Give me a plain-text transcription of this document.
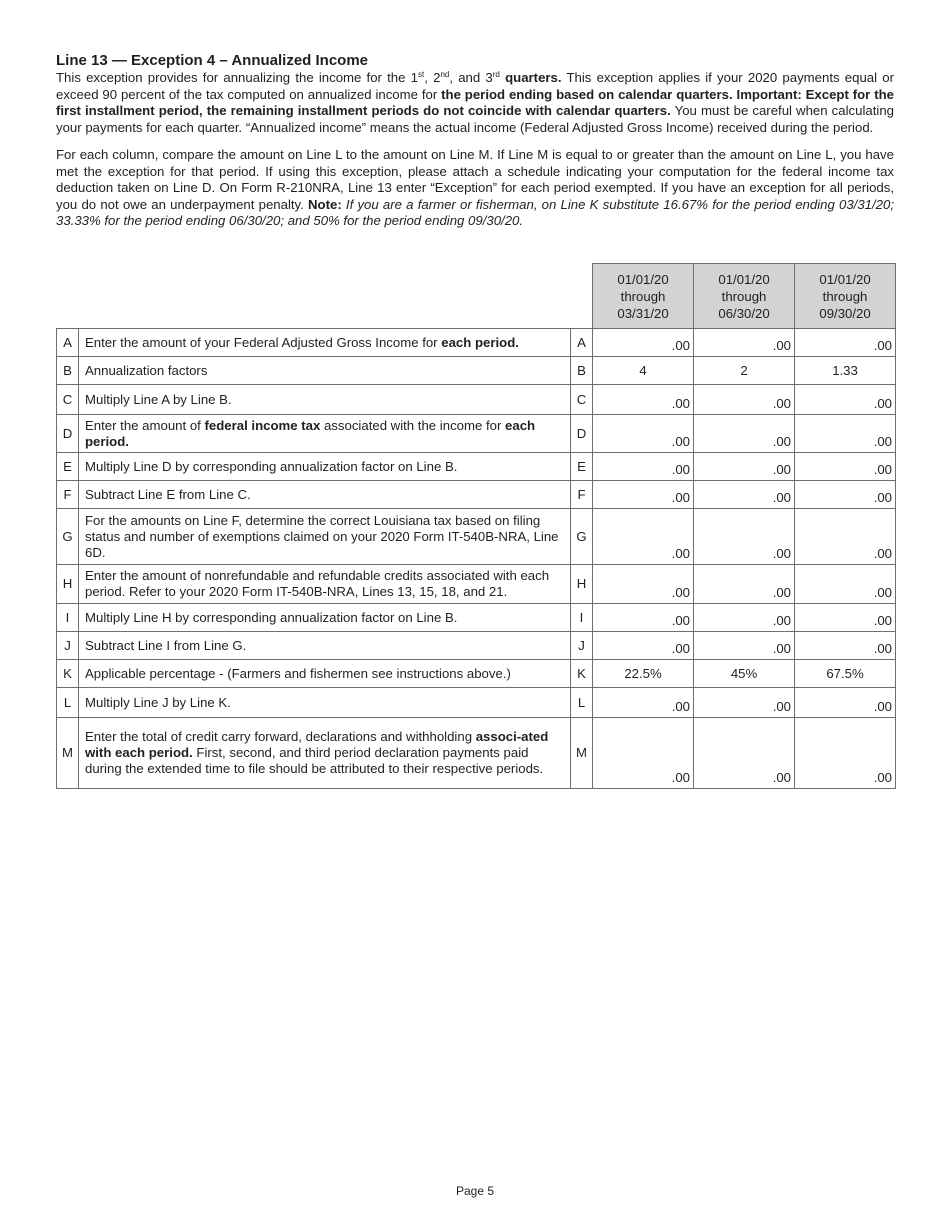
Line 13 — Exception 4 – Annualized Income

This exception provides for annualizing the income for the 1st, 2nd, and 3rd quarters. This exception applies if your 2020 payments equal or exceed 90 percent of the tax computed on annualized income for the period ending based on calendar quarters. Important: Except for the first installment period, the remaining installment periods do not coincide with calendar quarters. You must be careful when calculating your payments for each quarter. “Annualized income” means the actual income (Federal Adjusted Gross Income) received during the period.

For each column, compare the amount on Line L to the amount on Line M. If Line M is equal to or greater than the amount on Line L, you have met the exception for that period. If using this exception, please attach a schedule indicating your computation for the federal income tax deduction taken on Line D. On Form R-210NRA, Line 13 enter “Exception” for each period exempted. If you have an exception for all periods, you do not owe an underpayment penalty. Note: If you are a farmer or fisherman, on Line K substitute 16.67% for the period ending 03/31/20; 33.33% for the period ending 06/30/20; and 50% for the period ending 09/30/20.

			01/01/20
through
03/31/20	01/01/20
through
06/30/20	01/01/20
through
09/30/20
A	Enter the amount of your Federal Adjusted Gross Income for each period.	A	.00	.00	.00
B	Annualization factors	B	4	2	1.33
C	Multiply Line A by Line B.	C	.00	.00	.00
D	Enter the amount of federal income tax associated with the income for each period.	D	.00	.00	.00
E	Multiply Line D by corresponding annualization factor on Line B.	E	.00	.00	.00
F	Subtract Line E from Line C.	F	.00	.00	.00
G	For the amounts on Line F, determine the correct Louisiana tax based on filing status and number of exemptions claimed on your 2020 Form IT-540B-NRA, Line 6D.	G	.00	.00	.00
H	Enter the amount of nonrefundable and refundable credits associated with each period. Refer to your 2020 Form IT-540B-NRA, Lines 13, 15, 18, and 21.	H	.00	.00	.00
I	Multiply Line H by corresponding annualization factor on Line B.	I	.00	.00	.00
J	Subtract Line I from Line G.	J	.00	.00	.00
K	Applicable percentage - (Farmers and fishermen see instructions above.)	K	22.5%	45%	67.5%
L	Multiply Line J by Line K.	L	.00	.00	.00
M	Enter the total of credit carry forward, declarations and withholding associ-ated with each period. First, second, and third period declaration payments paid during the extended time to file should be attributed to their respective periods.	M	.00	.00	.00
Page 5
